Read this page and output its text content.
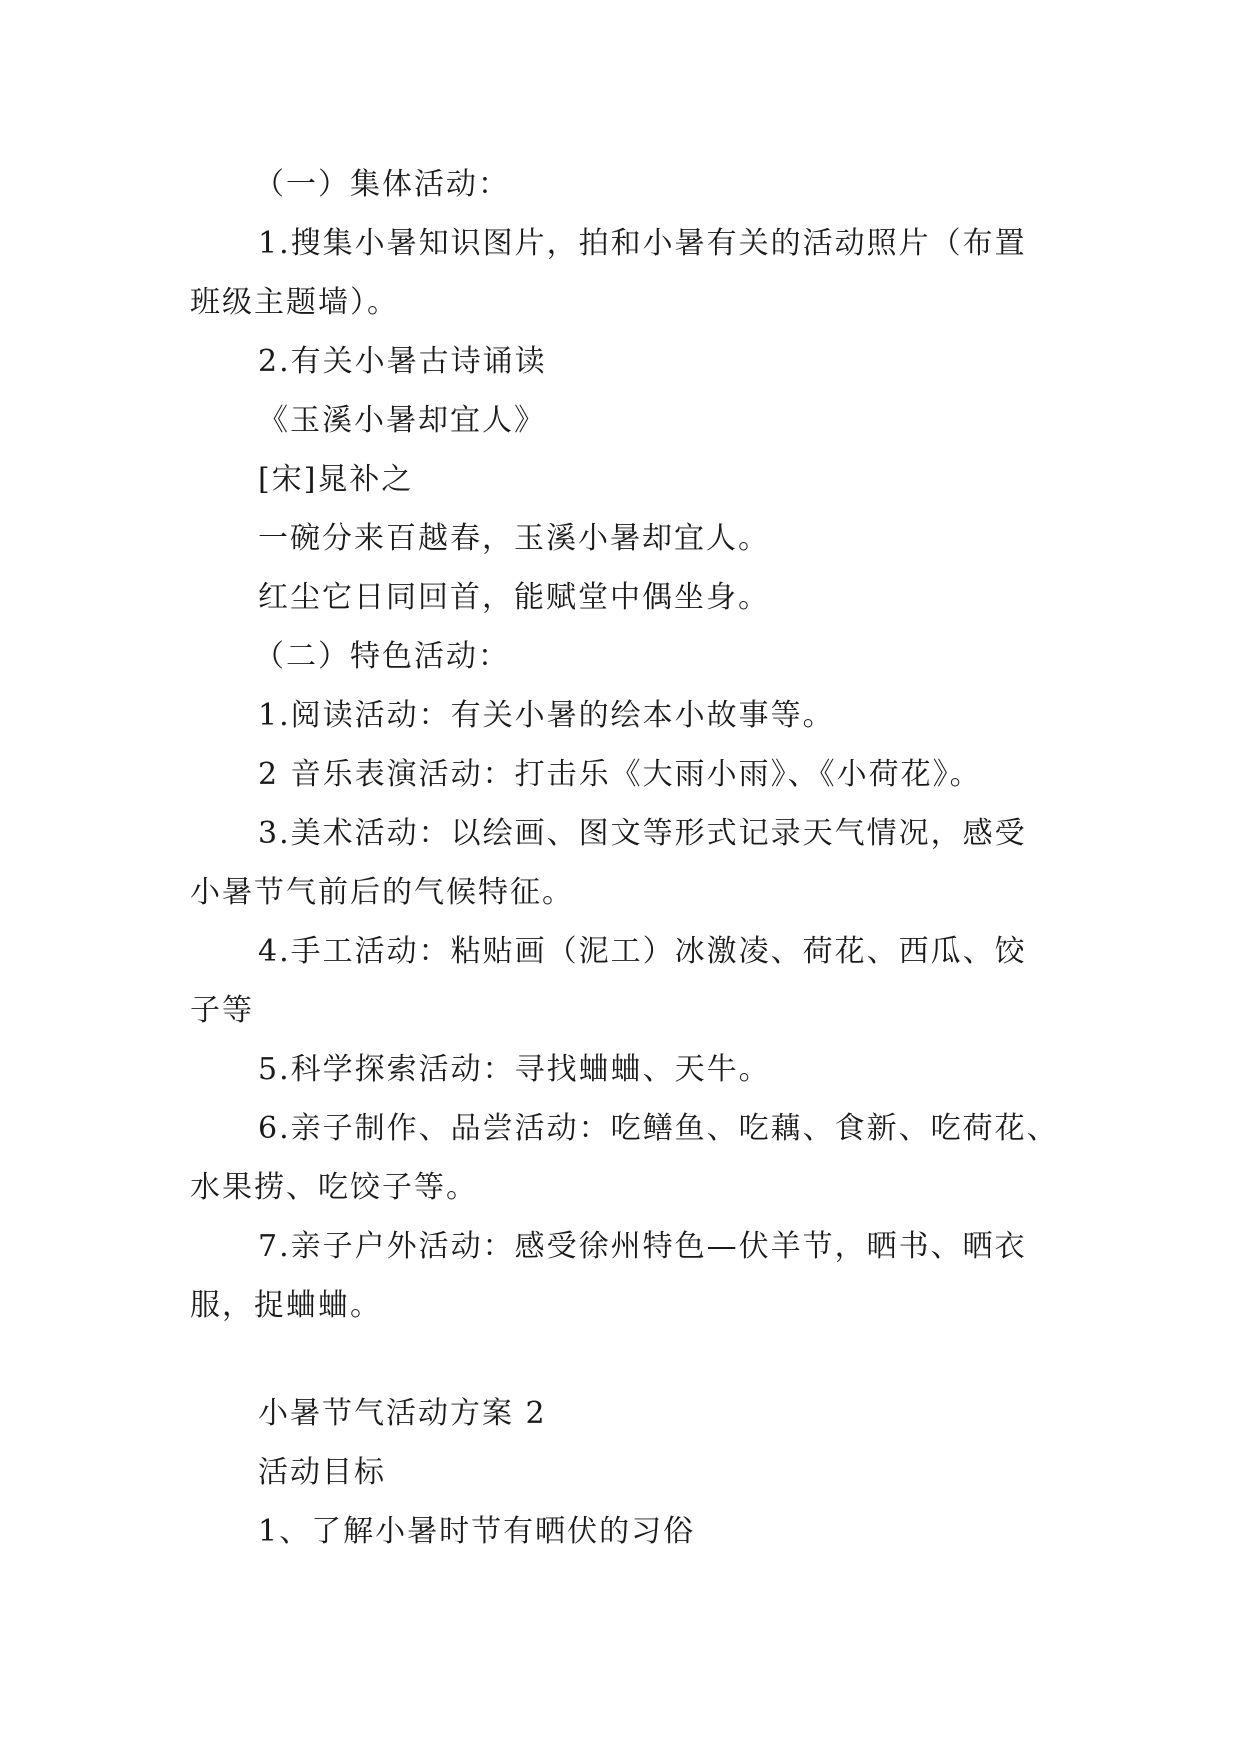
（一）集体活动：
1.搜集小暑知识图片，拍和小暑有关的活动照片（布置
班级主题墙）。
2.有关小暑古诗诵读
《玉溪小暑却宜人》
[宋]晁补之
一碗分来百越春，玉溪小暑却宜人。
红尘它日同回首，能赋堂中偶坐身。
（二）特色活动：
1.阅读活动：有关小暑的绘本小故事等。
2 音乐表演活动：打击乐《大雨小雨》、《小荷花》。
3.美术活动：以绘画、图文等形式记录天气情况，感受
小暑节气前后的气候特征。
4.手工活动：粘贴画（泥工）冰激凌、荷花、西瓜、饺
子等
5.科学探索活动：寻找蛐蛐、天牛。
6.亲子制作、品尝活动：吃鳝鱼、吃藕、食新、吃荷花、
水果捞、吃饺子等。
7.亲子户外活动：感受徐州特色—伏羊节，晒书、晒衣
服，捉蛐蛐。
小暑节气活动方案 2
活动目标
1、了解小暑时节有晒伏的习俗
